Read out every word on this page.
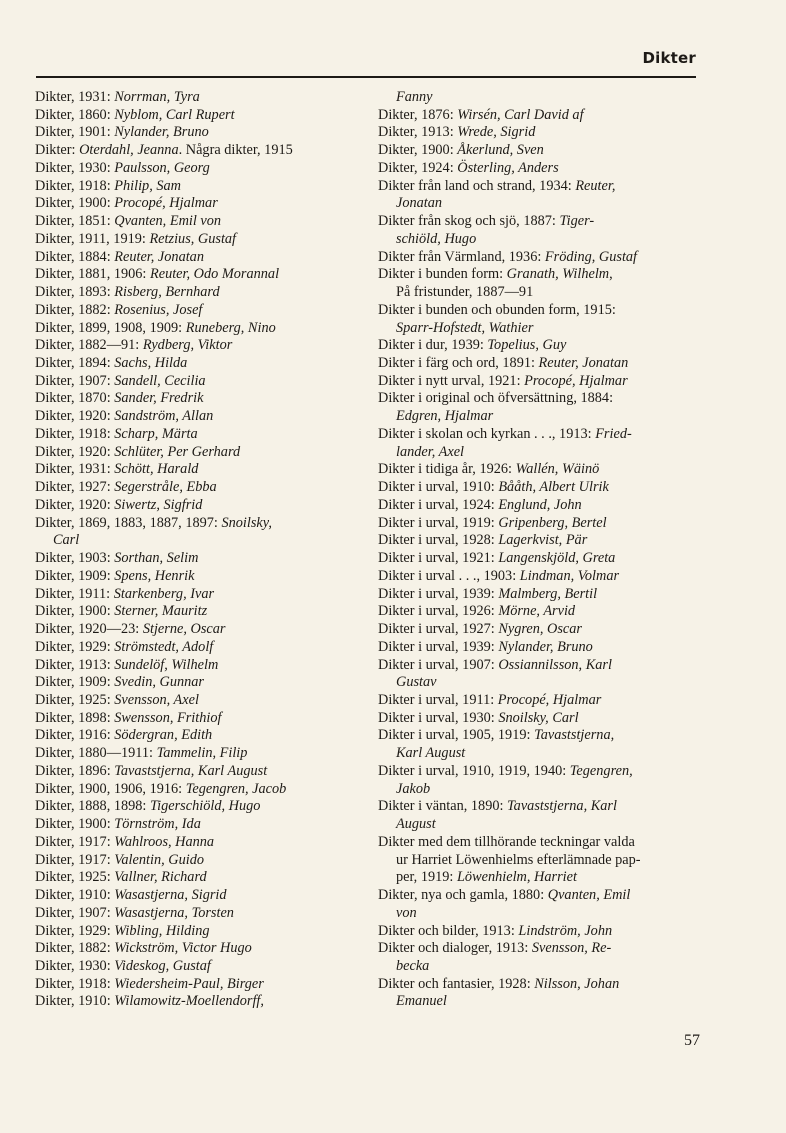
Dikter
Dikter, 1931: Norrman, Tyra
Dikter, 1860: Nyblom, Carl Rupert
Dikter, 1901: Nylander, Bruno
Dikter: Oterdahl, Jeanna. Några dikter, 1915
Dikter, 1930: Paulsson, Georg
Dikter, 1918: Philip, Sam
Dikter, 1900: Procopé, Hjalmar
Dikter, 1851: Qvanten, Emil von
Dikter, 1911, 1919: Retzius, Gustaf
Dikter, 1884: Reuter, Jonatan
Dikter, 1881, 1906: Reuter, Odo Morannal
Dikter, 1893: Risberg, Bernhard
Dikter, 1882: Rosenius, Josef
Dikter, 1899, 1908, 1909: Runeberg, Nino
Dikter, 1882—91: Rydberg, Viktor
Dikter, 1894: Sachs, Hilda
Dikter, 1907: Sandell, Cecilia
Dikter, 1870: Sander, Fredrik
Dikter, 1920: Sandström, Allan
Dikter, 1918: Scharp, Märta
Dikter, 1920: Schlüter, Per Gerhard
Dikter, 1931: Schött, Harald
Dikter, 1927: Segerstråle, Ebba
Dikter, 1920: Siwertz, Sigfrid
Dikter, 1869, 1883, 1887, 1897: Snoilsky,
Carl
Dikter, 1903: Sorthan, Selim
Dikter, 1909: Spens, Henrik
Dikter, 1911: Starkenberg, Ivar
Dikter, 1900: Sterner, Mauritz
Dikter, 1920—23: Stjerne, Oscar
Dikter, 1929: Strömstedt, Adolf
Dikter, 1913: Sundelöf, Wilhelm
Dikter, 1909: Svedin, Gunnar
Dikter, 1925: Svensson, Axel
Dikter, 1898: Swensson, Frithiof
Dikter, 1916: Södergran, Edith
Dikter, 1880—1911: Tammelin, Filip
Dikter, 1896: Tavaststjerna, Karl August
Dikter, 1900, 1906, 1916: Tegengren, Jacob
Dikter, 1888, 1898: Tigerschiöld, Hugo
Dikter, 1900: Törnström, Ida
Dikter, 1917: Wahlroos, Hanna
Dikter, 1917: Valentin, Guido
Dikter, 1925: Vallner, Richard
Dikter, 1910: Wasastjerna, Sigrid
Dikter, 1907: Wasastjerna, Torsten
Dikter, 1929: Wibling, Hilding
Dikter, 1882: Wickström, Victor Hugo
Dikter, 1930: Videskog, Gustaf
Dikter, 1918: Wiedersheim-Paul, Birger
Dikter, 1910: Wilamowitz-Moellendorff,
Fanny
Dikter, 1876: Wirsén, Carl David af
Dikter, 1913: Wrede, Sigrid
Dikter, 1900: Åkerlund, Sven
Dikter, 1924: Österling, Anders
Dikter från land och strand, 1934: Reuter,
Jonatan
Dikter från skog och sjö, 1887: Tiger-
schiöld, Hugo
Dikter från Värmland, 1936: Fröding, Gustaf
Dikter i bunden form: Granath, Wilhelm,
På fristunder, 1887—91
Dikter i bunden och obunden form, 1915:
Sparr-Hofstedt, Wathier
Dikter i dur, 1939: Topelius, Guy
Dikter i färg och ord, 1891: Reuter, Jonatan
Dikter i nytt urval, 1921: Procopé, Hjalmar
Dikter i original och öfversättning, 1884:
Edgren, Hjalmar
Dikter i skolan och kyrkan . . ., 1913: Fried-
lander, Axel
Dikter i tidiga år, 1926: Wallén, Wäinö
Dikter i urval, 1910: Bååth, Albert Ulrik
Dikter i urval, 1924: Englund, John
Dikter i urval, 1919: Gripenberg, Bertel
Dikter i urval, 1928: Lagerkvist, Pär
Dikter i urval, 1921: Langenskjöld, Greta
Dikter i urval . . ., 1903: Lindman, Volmar
Dikter i urval, 1939: Malmberg, Bertil
Dikter i urval, 1926: Mörne, Arvid
Dikter i urval, 1927: Nygren, Oscar
Dikter i urval, 1939: Nylander, Bruno
Dikter i urval, 1907: Ossiannilsson, Karl
Gustav
Dikter i urval, 1911: Procopé, Hjalmar
Dikter i urval, 1930: Snoilsky, Carl
Dikter i urval, 1905, 1919: Tavaststjerna,
Karl August
Dikter i urval, 1910, 1919, 1940: Tegengren,
Jakob
Dikter i väntan, 1890: Tavaststjerna, Karl
August
Dikter med dem tillhörande teckningar valda
ur Harriet Löwenhielms efterlämnade pap-
per, 1919: Löwenhielm, Harriet
Dikter, nya och gamla, 1880: Qvanten, Emil
von
Dikter och bilder, 1913: Lindström, John
Dikter och dialoger, 1913: Svensson, Re-
becka
Dikter och fantasier, 1928: Nilsson, Johan
Emanuel
57
